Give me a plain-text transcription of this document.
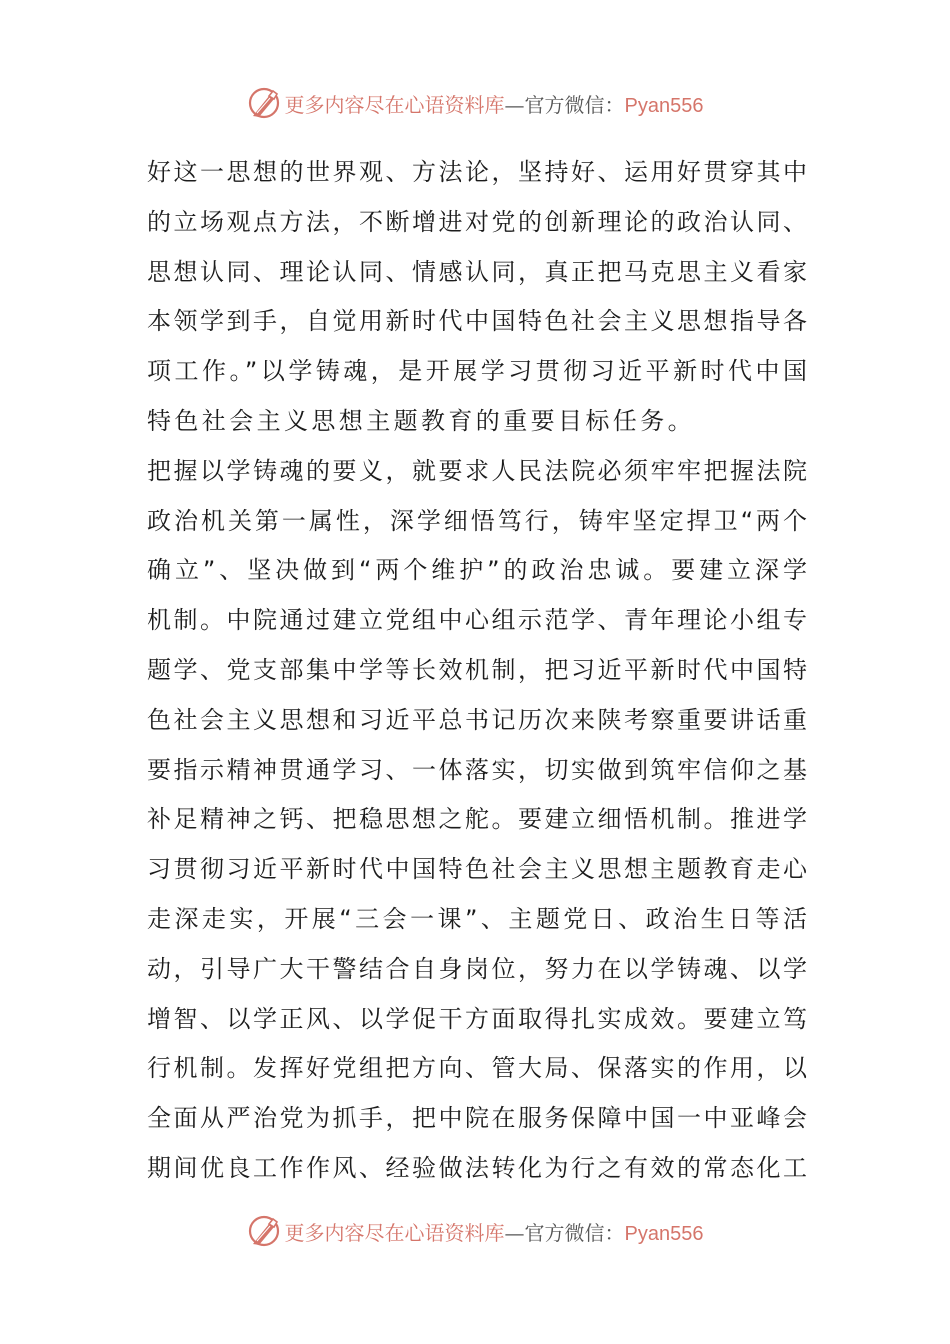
更多内容尽在心语资料库 — 官方微信： Pyan556
好这一思想的世界观、方法论，坚持好、运用好贯穿其中
的立场观点方法，不断增进对党的创新理论的政治认同、
思想认同、理论认同、情感认同，真正把马克思主义看家
本领学到手，自觉用新时代中国特色社会主义思想指导各
项工作。”以学铸魂，是开展学习贯彻习近平新时代中国
特色社会主义思想主题教育的重要目标任务。
把握以学铸魂的要义，就要求人民法院必须牢牢把握法院
政治机关第一属性，深学细悟笃行，铸牢坚定捍卫“两个
确立”、坚决做到“两个维护”的政治忠诚。要建立深学
机制。中院通过建立党组中心组示范学、青年理论小组专
题学、党支部集中学等长效机制，把习近平新时代中国特
色社会主义思想和习近平总书记历次来陕考察重要讲话重
要指示精神贯通学习、一体落实，切实做到筑牢信仰之基
补足精神之钙、把稳思想之舵。要建立细悟机制。推进学
习贯彻习近平新时代中国特色社会主义思想主题教育走心
走深走实，开展“三会一课”、主题党日、政治生日等活
动，引导广大干警结合自身岗位，努力在以学铸魂、以学
增智、以学正风、以学促干方面取得扎实成效。要建立笃
行机制。发挥好党组把方向、管大局、保落实的作用，以
全面从严治党为抓手，把中院在服务保障中国一中亚峰会
期间优良工作作风、经验做法转化为行之有效的常态化工
更多内容尽在心语资料库 — 官方微信： Pyan556
